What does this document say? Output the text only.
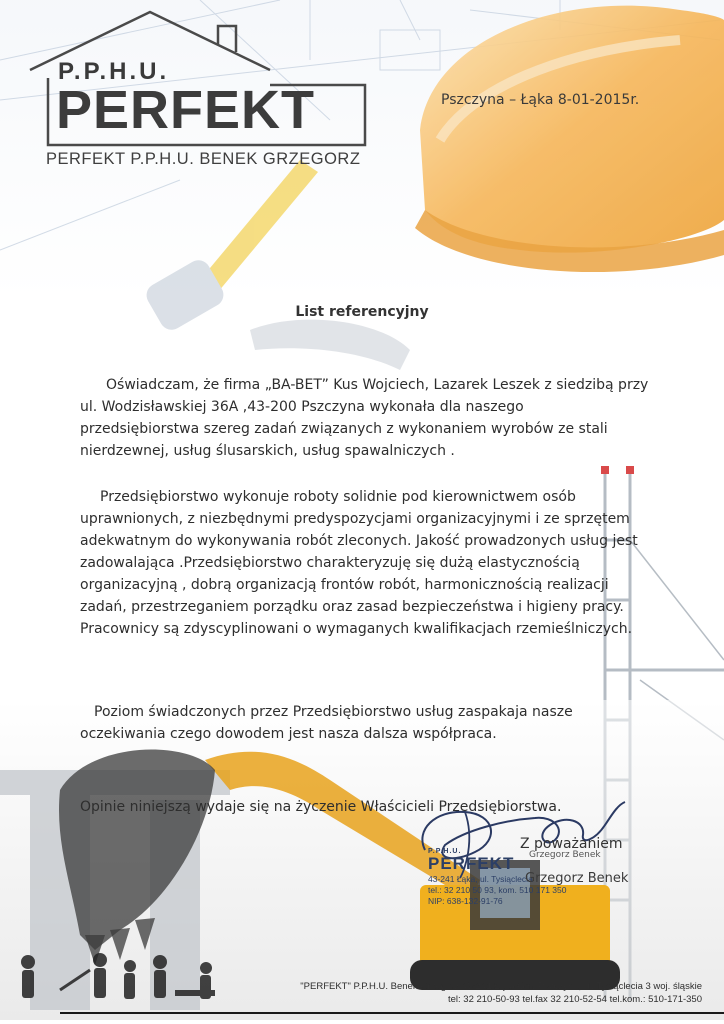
P.P.H.U.
PERFEKT
PERFEKT P.P.H.U. BENEK GRZEGORZ
Pszczyna – Łąka 8-01-2015r.
List referencyjny
Oświadczam, że firma „BA-BET” Kus Wojciech, Lazarek Leszek z siedzibą przy
ul. Wodzisławskiej 36A ,43-200 Pszczyna wykonała dla naszego
przedsiębiorstwa szereg zadań związanych z wykonaniem wyrobów ze stali
nierdzewnej, usług ślusarskich, usług spawalniczych .
Przedsiębiorstwo wykonuje roboty solidnie pod kierownictwem osób
uprawnionych, z niezbędnymi predyspozycjami organizacyjnymi i ze sprzętem
adekwatnym do wykonywania robót zleconych. Jakość prowadzonych usług jest
zadowalająca .Przedsiębiorstwo charakteryzuję się dużą elastycznością
organizacyjną , dobrą organizacją frontów robót, harmonicznością realizacji
zadań, przestrzeganiem porządku oraz zasad bezpieczeństwa i higieny pracy.
Pracownicy są zdyscyplinowani o wymaganych kwalifikacjach rzemieślniczych.
Poziom świadczonych przez Przedsiębiorstwo usług zaspakaja nasze
oczekiwania czego dowodem jest nasza dalsza współpraca.
Opinie niniejszą wydaje się na życzenie Właścicieli Przedsiębiorstwa.
Z poważaniem
Grzegorz Benek
P.P.H.U.
PERFEKT
43-241 Łąka, ul. Tysiąclecia
tel.: 32 210 50 93, kom. 510 171 350
NIP: 638-132-91-76
Grzegorz Benek
"PERFEKT" P.P.H.U. Benek Grzegorz 43-241 Łąka Gm. Pszczyna, ul. Tysiąclecia 3 woj. śląskie
tel: 32 210-50-93 tel.fax 32 210-52-54 tel.kom.: 510-171-350
